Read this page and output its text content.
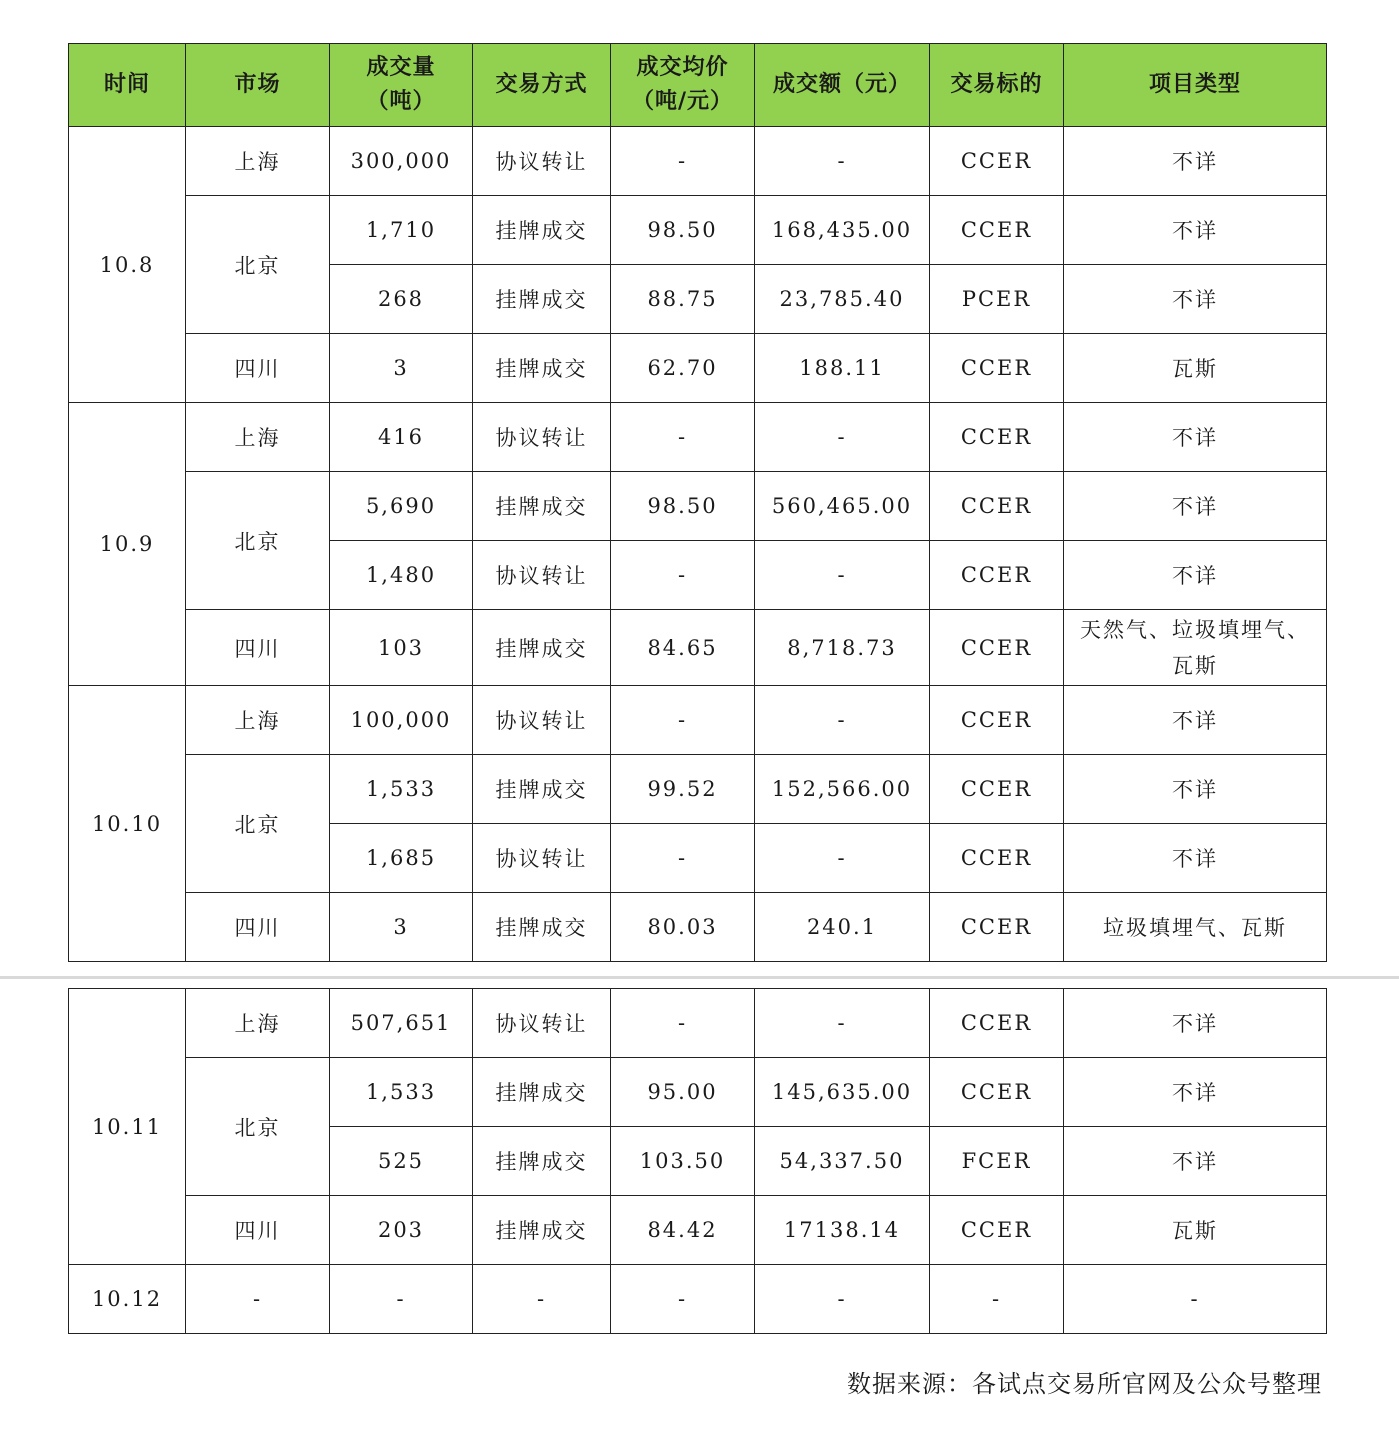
时间	市场	成交量（吨）	交易方式	成交均价（吨/元）	成交额（元）	交易标的	项目类型
10.8	上海	300,000	协议转让	-	-	CCER	不详
	北京	1,710	挂牌成交	98.50	168,435.00	CCER	不详
		268	挂牌成交	88.75	23,785.40	PCER	不详
	四川	3	挂牌成交	62.70	188.11	CCER	瓦斯
10.9	上海	416	协议转让	-	-	CCER	不详
	北京	5,690	挂牌成交	98.50	560,465.00	CCER	不详
		1,480	协议转让	-	-	CCER	不详
	四川	103	挂牌成交	84.65	8,718.73	CCER	天然气、垃圾填埋气、瓦斯
10.10	上海	100,000	协议转让	-	-	CCER	不详
	北京	1,533	挂牌成交	99.52	152,566.00	CCER	不详
		1,685	协议转让	-	-	CCER	不详
	四川	3	挂牌成交	80.03	240.1	CCER	垃圾填埋气、瓦斯
10.11	上海	507,651	协议转让	-	-	CCER	不详
	北京	1,533	挂牌成交	95.00	145,635.00	CCER	不详
		525	挂牌成交	103.50	54,337.50	FCER	不详
	四川	203	挂牌成交	84.42	17138.14	CCER	瓦斯
10.12	-	-	-	-	-	-	-
数据来源：各试点交易所官网及公众号整理
